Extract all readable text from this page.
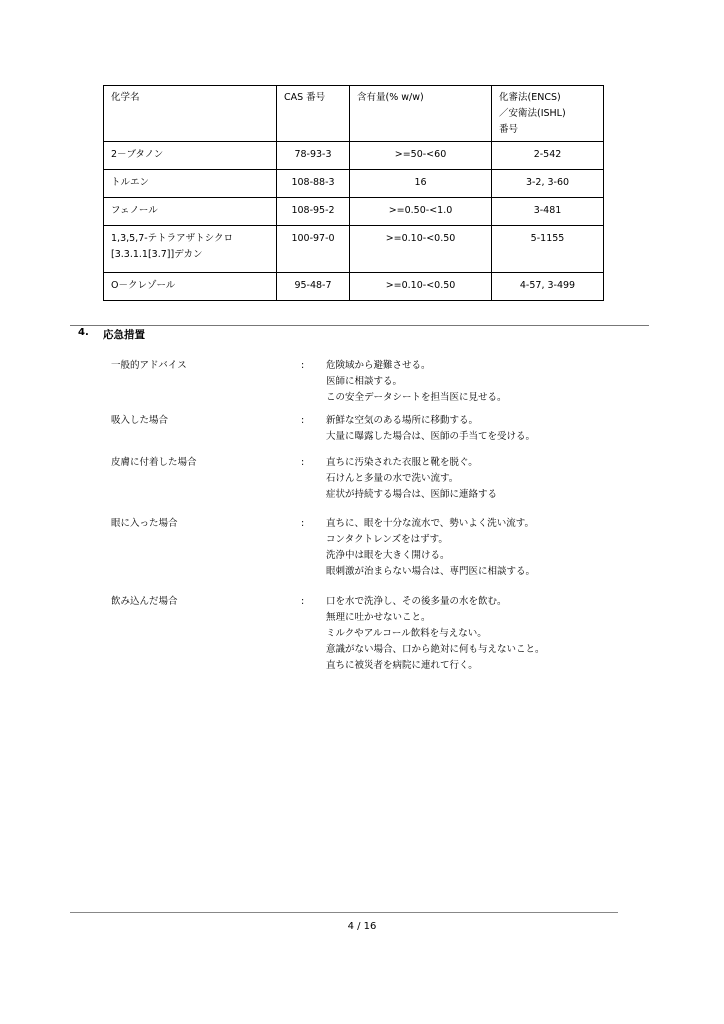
化学名	CAS 番号	含有量(% w/w)	化審法(ENCS)
／安衛法(ISHL)
番号

2－ブタノン	78-93-3	>=50-<60	2-542
トルエン	108-88-3	16	3-2, 3-60
フェノール	108-95-2	>=0.50-<1.0	3-481

1,3,5,7-テトラアザトシクロ
[3.3.1.1[3.7]]デカン	100-97-0	>=0.10-<0.50	5-1155
O－クレゾール	95-48-7	>=0.10-<0.50	4-57, 3-499
4. 応急措置
一般的アドバイス	: 危険域から避難させる。
医師に相談する。
この安全データシートを担当医に見せる。
吸入した場合	: 新鮮な空気のある場所に移動する。
大量に曝露した場合は、医師の手当てを受ける。
皮膚に付着した場合	: 直ちに汚染された衣服と靴を脱ぐ。
石けんと多量の水で洗い流す。
症状が持続する場合は、医師に連絡する
眼に入った場合	: 直ちに、眼を十分な流水で、勢いよく洗い流す。
コンタクトレンズをはずす。
洗浄中は眼を大きく開ける。
眼刺激が治まらない場合は、専門医に相談する。
飲み込んだ場合	: 口を水で洗浄し、その後多量の水を飲む。
無理に吐かせないこと。
ミルクやアルコール飲料を与えない。
意識がない場合、口から絶対に何も与えないこと。
直ちに被災者を病院に連れて行く。
4 / 16
